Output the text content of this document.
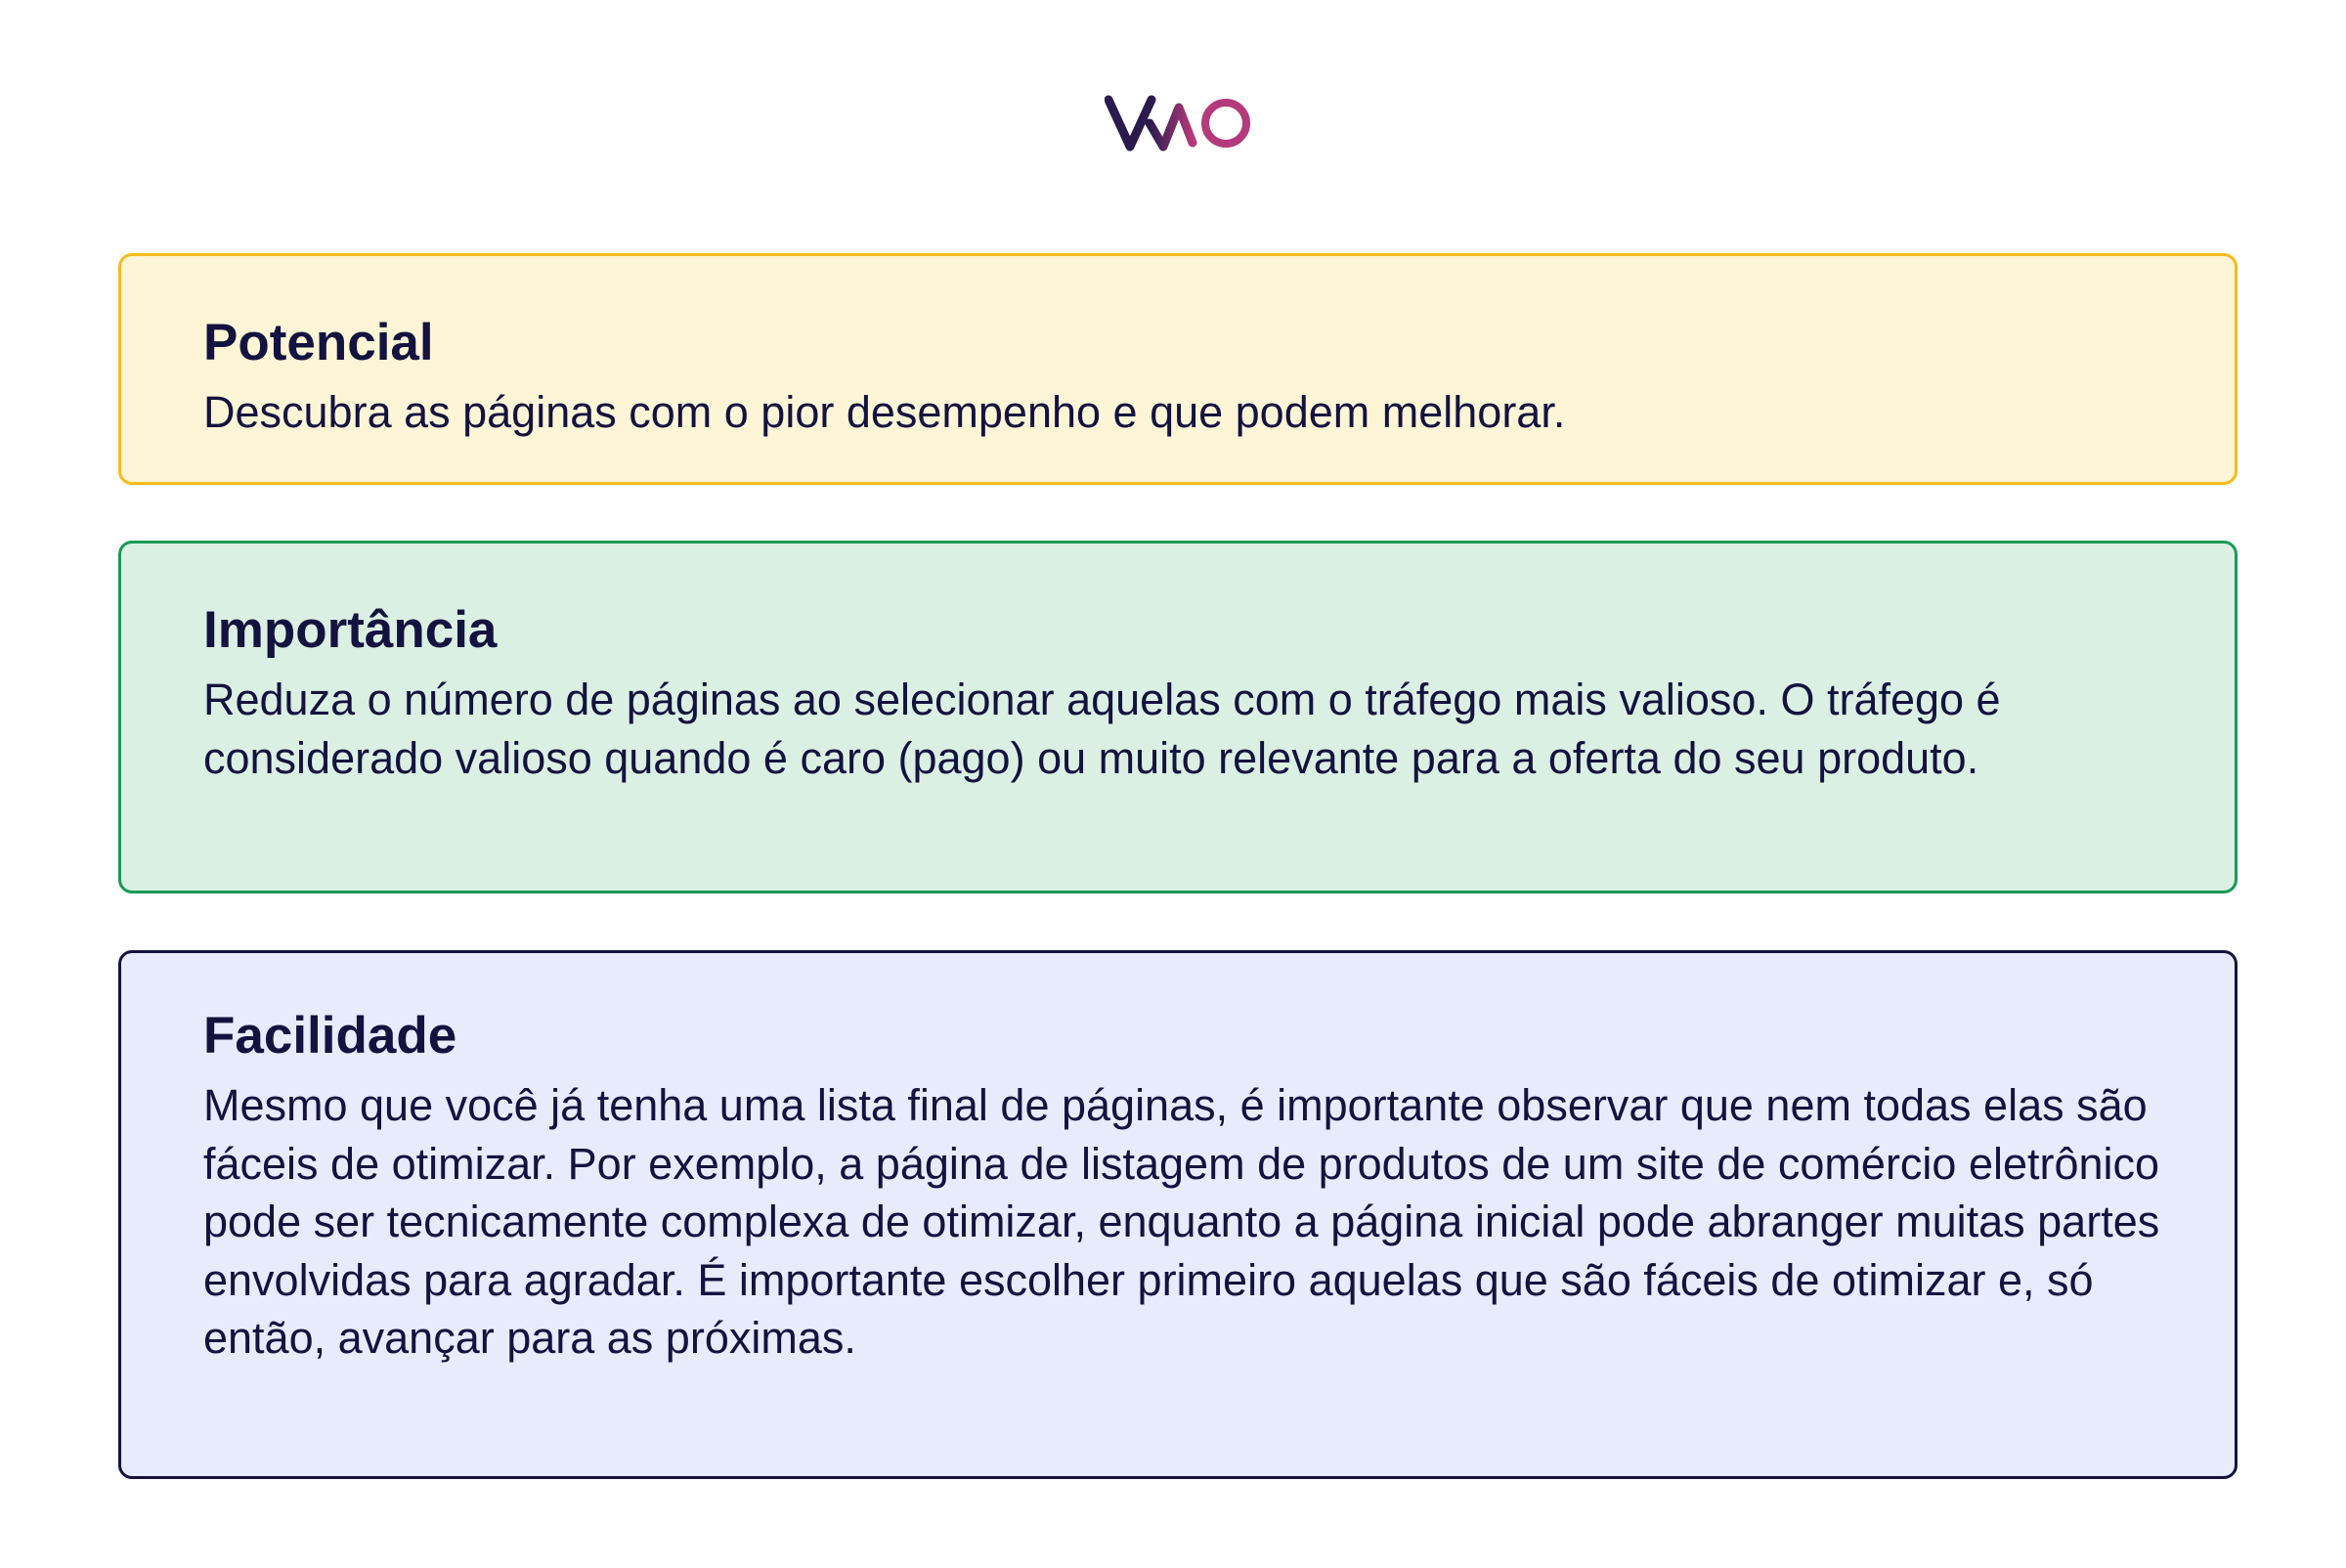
Potencial

Descubra as páginas com o pior desempenho e que podem melhorar.

Importância

Reduza o número de páginas ao selecionar aquelas com o tráfego mais valioso. O tráfego é considerado valioso quando é caro (pago) ou muito relevante para a oferta do seu produto.

Facilidade

Mesmo que você já tenha uma lista final de páginas, é importante observar que nem todas elas são fáceis de otimizar. Por exemplo, a página de listagem de produtos de um site de comércio eletrônico pode ser tecnicamente complexa de otimizar, enquanto a página inicial pode abranger muitas partes envolvidas para agradar. É importante escolher primeiro aquelas que são fáceis de otimizar e, só então, avançar para as próximas.
